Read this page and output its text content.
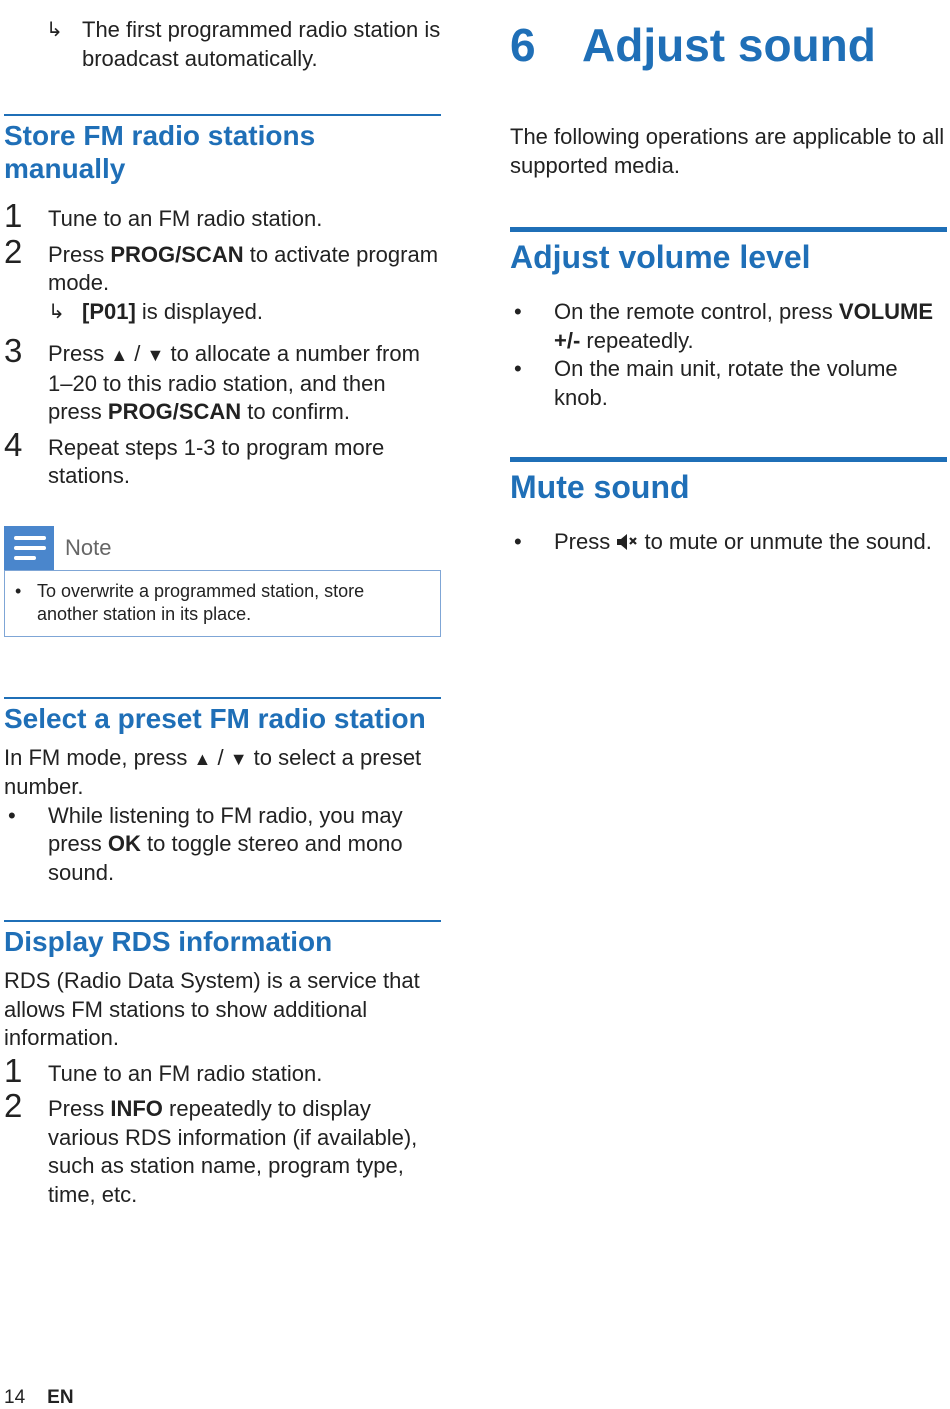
↳ The first programmed radio station is broadcast automatically.
Store FM radio stations manually
1 Tune to an FM radio station.
2 Press PROG/SCAN to activate program mode.
↳ [P01] is displayed.
3 Press ▲ / ▼ to allocate a number from 1–20 to this radio station, and then press PROG/SCAN to confirm.
4 Repeat steps 1-3 to program more stations.
Note
• To overwrite a programmed station, store another station in its place.
Select a preset FM radio station
In FM mode, press ▲ / ▼ to select a preset number.
• While listening to FM radio, you may press OK to toggle stereo and mono sound.
Display RDS information
RDS (Radio Data System) is a service that allows FM stations to show additional information.
1 Tune to an FM radio station.
2 Press INFO repeatedly to display various RDS information (if available), such as station name, program type, time, etc.
6	Adjust sound
The following operations are applicable to all supported media.
Adjust volume level
• On the remote control, press VOLUME +/- repeatedly.
• On the main unit, rotate the volume knob.
Mute sound
• Press  to mute or unmute the sound.
14 EN
